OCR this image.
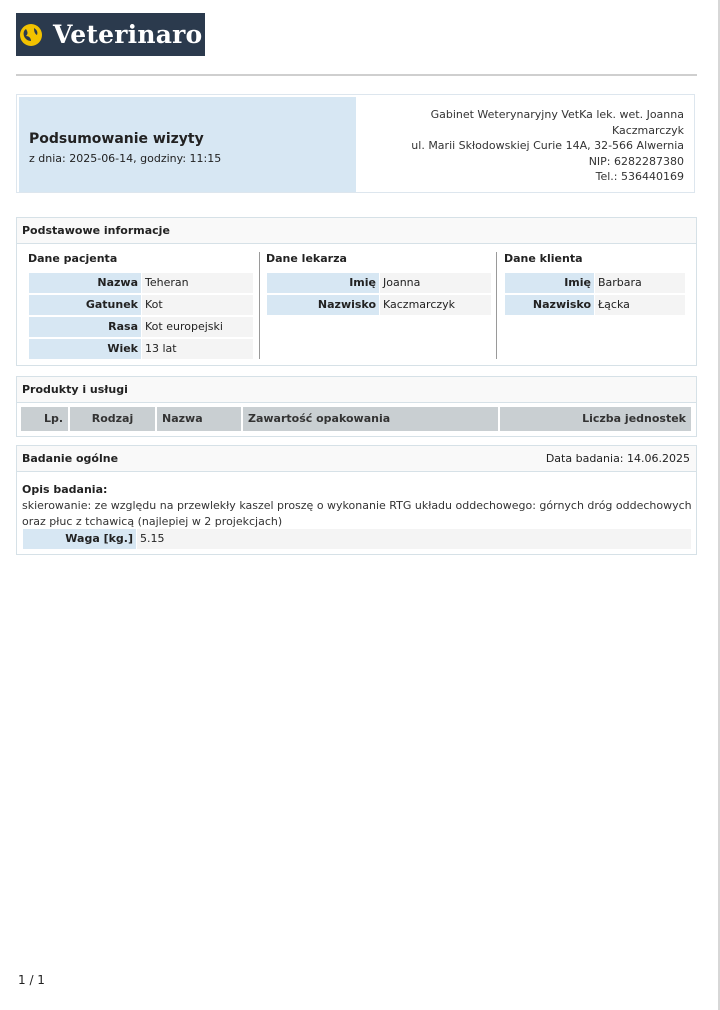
Veterinaro
Podsumowanie wizyty
z dnia: 2025-06-14, godziny: 11:15
Gabinet Weterynaryjny VetKa lek. wet. Joanna
Kaczmarczyk
ul. Marii Skłodowskiej Curie 14A, 32-566 Alwernia
NIP: 6282287380
Tel.: 536440169
Podstawowe informacje
Dane pacjenta
Nazwa Teheran
Gatunek Kot
Rasa Kot europejski
Wiek 13 lat
Dane lekarza
Imię Joanna
Nazwisko Kaczmarczyk
Dane klienta
Imię Barbara
Nazwisko Łącka
Produkty i usługi
Lp.	Rodzaj	Nazwa	Zawartość opakowania	Liczba jednostek
Badanie ogólne	Data badania: 14.06.2025
Opis badania:
skierowanie: ze względu na przewlekły kaszel proszę o wykonanie RTG układu oddechowego: górnych dróg oddechowych oraz płuc z tchawicą (najlepiej w 2 projekcjach)
Waga [kg.] 5.15
1 / 1
